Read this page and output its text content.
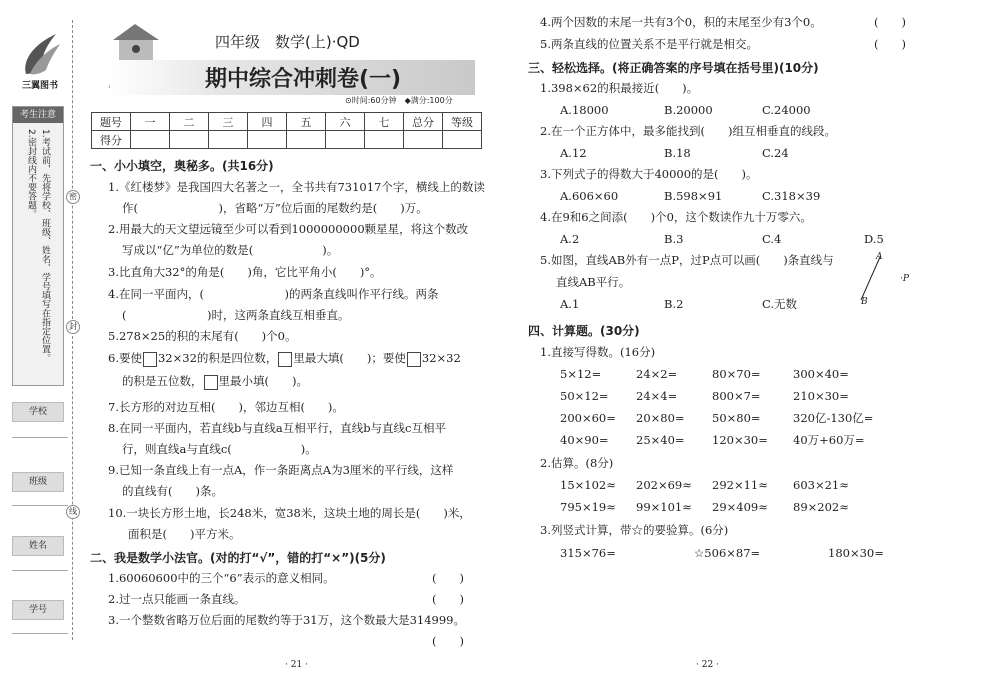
三翼图书
考生注意
1.考试前，先将学校、班级、姓名、学号填写在指定位置。
2.密封线内不要答题。
学校
班级
姓名
学号
密
封
线
四年级　数学(上)·QD
期中综合冲刺卷(一)
⊙时间:60分钟　◆满分:100分
题号	一	二	三	四	五	六	七	总分	等级
得分									
一、小小填空，奥秘多。(共16分)
1.《红楼梦》是我国四大名著之一，全书共有731017个字，横线上的数读
作(　　　　　　　)，省略“万”位后面的尾数约是(　　)万。
2.用最大的天文望远镜至少可以看到1000000000颗星星，将这个数改
写成以“亿”为单位的数是(　　　　　　)。
3.比直角大32°的角是(　　)角，它比平角小(　　)°。
4.在同一平面内，(　　　　　　　)的两条直线叫作平行线。两条
(　　　　　　　)时，这两条直线互相垂直。
5.278×25的积的末尾有(　　)个0。
6.要使 32×32的积是四位数， 里最大填(　　)；要使 32×32
的积是五位数， 里最小填(　　)。
7.长方形的对边互相(　　)，邻边互相(　　)。
8.在同一平面内，若直线b与直线a互相平行，直线b与直线c互相平
行，则直线a与直线c(　　　　　　)。
9.已知一条直线上有一点A，作一条距离点A为3厘米的平行线，这样
的直线有(　　)条。
10.一块长方形土地，长248米，宽38米，这块土地的周长是(　　)米，
面积是(　　)平方米。
二、我是数学小法官。(对的打“√”，错的打“×”)(5分)
1.60060600中的三个“6”表示的意义相同。	(　　)
2.过一点只能画一条直线。	(　　)
3.一个整数省略万位后面的尾数约等于31万，这个数最大是314999。
(　　)
· 21 ·
4.两个因数的末尾一共有3个0，积的末尾至少有3个0。	(　　)
5.两条直线的位置关系不是平行就是相交。	(　　)
三、轻松选择。(将正确答案的序号填在括号里)(10分)
1.398×62的积最接近(　　)。
A.18000	B.20000	C.24000
2.在一个正方体中，最多能找到(　　)组互相垂直的线段。
A.12	B.18	C.24
3.下列式子的得数大于40000的是(　　)。
A.606×60	B.598×91	C.318×39
4.在9和6之间添(　　)个0，这个数读作九十万零六。
A.2	B.3	C.4	D.5
5.如图，直线AB外有一点P，过P点可以画(　　)条直线与
直线AB平行。
A.1	B.2	C.无数
A
B
·P
四、计算题。(30分)
1.直接写得数。(16分)
5×12=	24×2=	80×70=	300×40=
50×12= 24×4=	800×7=	210×30=
200×60= 20×80= 50×80=	320亿-130亿=
40×90= 25×40= 120×30= 40万+60万=
2.估算。(8分)
15×102≈ 202×69≈ 292×11≈ 603×21≈
795×19≈ 99×101≈ 29×409≈ 89×202≈
3.列竖式计算，带☆的要验算。(6分)
315×76=	☆506×87=	180×30=
· 22 ·
